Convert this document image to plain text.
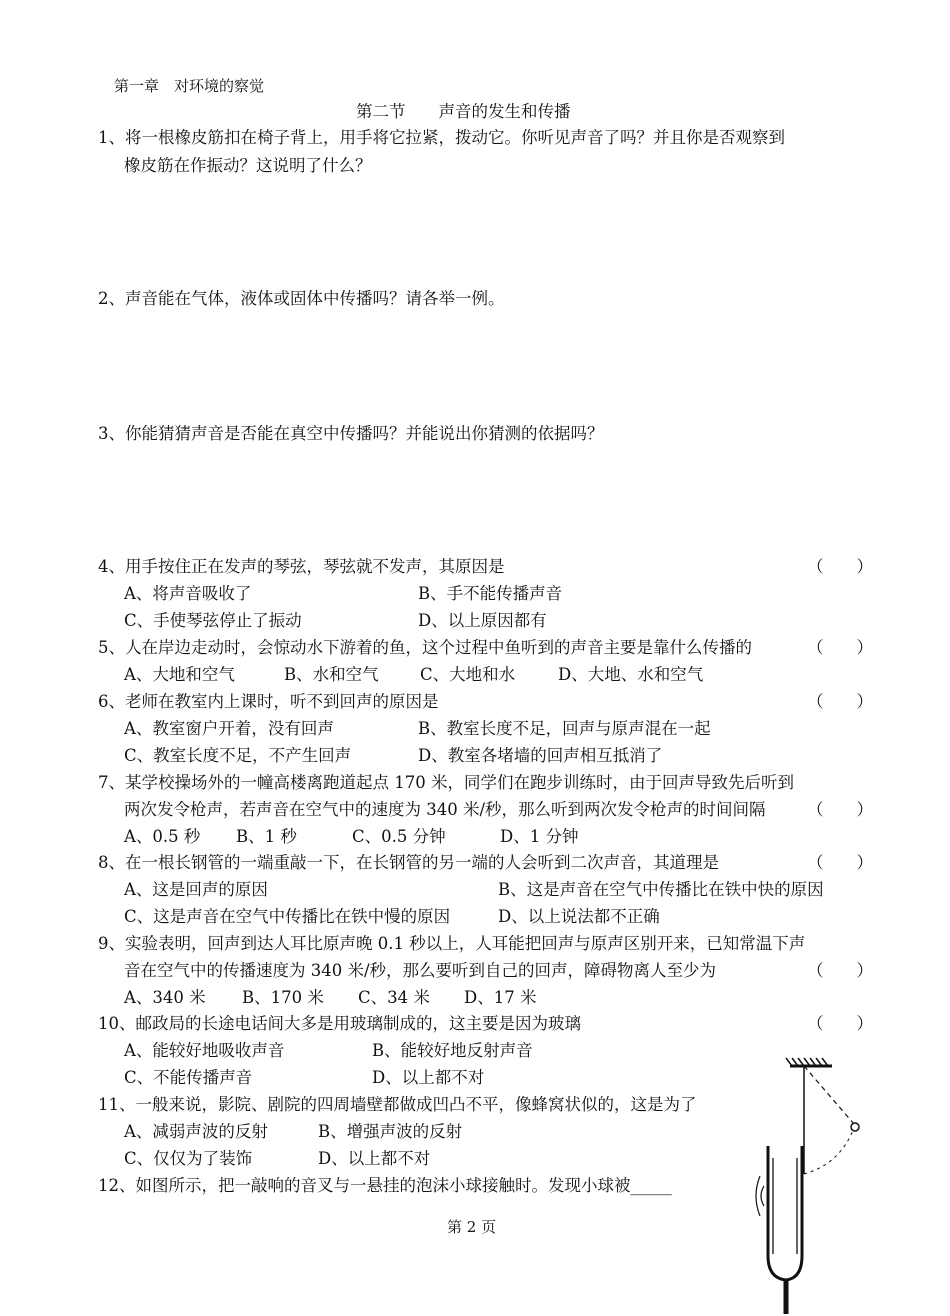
第一章　对环境的察觉
第二节　　声音的发生和传播
1、将一根橡皮筋扣在椅子背上，用手将它拉紧，拨动它。你听见声音了吗？并且你是否观察到
橡皮筋在作振动？这说明了什么？
2、声音能在气体，液体或固体中传播吗？请各举一例。
3、你能猜猜声音是否能在真空中传播吗？并能说出你猜测的依据吗？
4、用手按住正在发声的琴弦，琴弦就不发声，其原因是	（　　）
A、将声音吸收了	B、手不能传播声音
C、手使琴弦停止了振动	D、以上原因都有
5、人在岸边走动时，会惊动水下游着的鱼，这个过程中鱼听到的声音主要是靠什么传播的	（　　）
A、大地和空气	B、水和空气	C、大地和水	D、大地、水和空气
6、老师在教室内上课时，听不到回声的原因是	（　　）
A、教室窗户开着，没有回声	B、教室长度不足，回声与原声混在一起
C、教室长度不足，不产生回声	D、教室各堵墙的回声相互抵消了
7、某学校操场外的一幢高楼离跑道起点 170 米，同学们在跑步训练时，由于回声导致先后听到
两次发令枪声，若声音在空气中的速度为 340 米/秒，那么听到两次发令枪声的时间间隔	（　　）
A、0.5 秒 B、1 秒	C、0.5 分钟	D、1 分钟
8、在一根长钢管的一端重敲一下，在长钢管的另一端的人会听到二次声音，其道理是	（　　）
A、这是回声的原因	B、这是声音在空气中传播比在铁中快的原因
C、这是声音在空气中传播比在铁中慢的原因	D、以上说法都不正确
9、实验表明，回声到达人耳比原声晚 0.1 秒以上，人耳能把回声与原声区别开来，已知常温下声
音在空气中的传播速度为 340 米/秒，那么要听到自己的回声，障碍物离人至少为	（　　）
A、340 米 B、170 米 C、34 米 D、17 米
10、邮政局的长途电话间大多是用玻璃制成的，这主要是因为玻璃	（　　）
A、能较好地吸收声音	B、能较好地反射声音
C、不能传播声音	D、以上都不对
11、一般来说，影院、剧院的四周墙壁都做成凹凸不平，像蜂窝状似的，这是为了
A、减弱声波的反射	B、增强声波的反射
C、仅仅为了装饰	D、以上都不对
12、如图所示，把一敲响的音叉与一悬挂的泡沫小球接触时。发现小球被_____
第 2 页
